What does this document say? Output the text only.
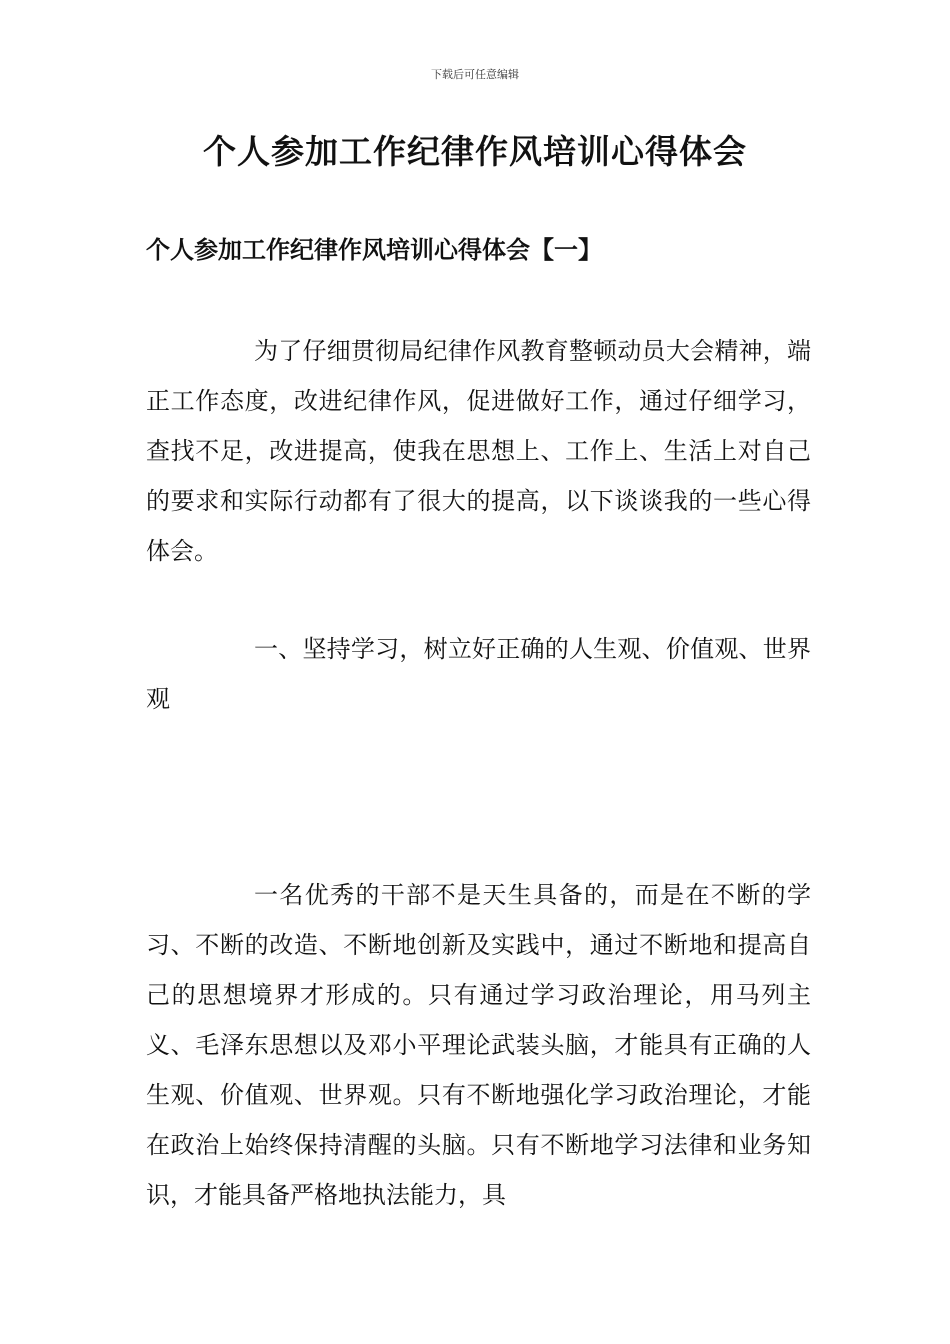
下载后可任意编辑
个人参加工作纪律作风培训心得体会
个人参加工作纪律作风培训心得体会【一】

为了仔细贯彻局纪律作风教育整顿动员大会精神，端正工作态度，改进纪律作风，促进做好工作，通过仔细学习，查找不足，改进提高，使我在思想上、工作上、生活上对自己的要求和实际行动都有了很大的提高，以下谈谈我的一些心得体会。

一、坚持学习，树立好正确的人生观、价值观、世界观

一名优秀的干部不是天生具备的，而是在不断的学习、不断的改造、不断地创新及实践中，通过不断地和提高自己的思想境界才形成的。只有通过学习政治理论，用马列主义、毛泽东思想以及邓小平理论武装头脑，才能具有正确的人生观、价值观、世界观。只有不断地强化学习政治理论，才能在政治上始终保持清醒的头脑。只有不断地学习法律和业务知识，才能具备严格地执法能力，具
